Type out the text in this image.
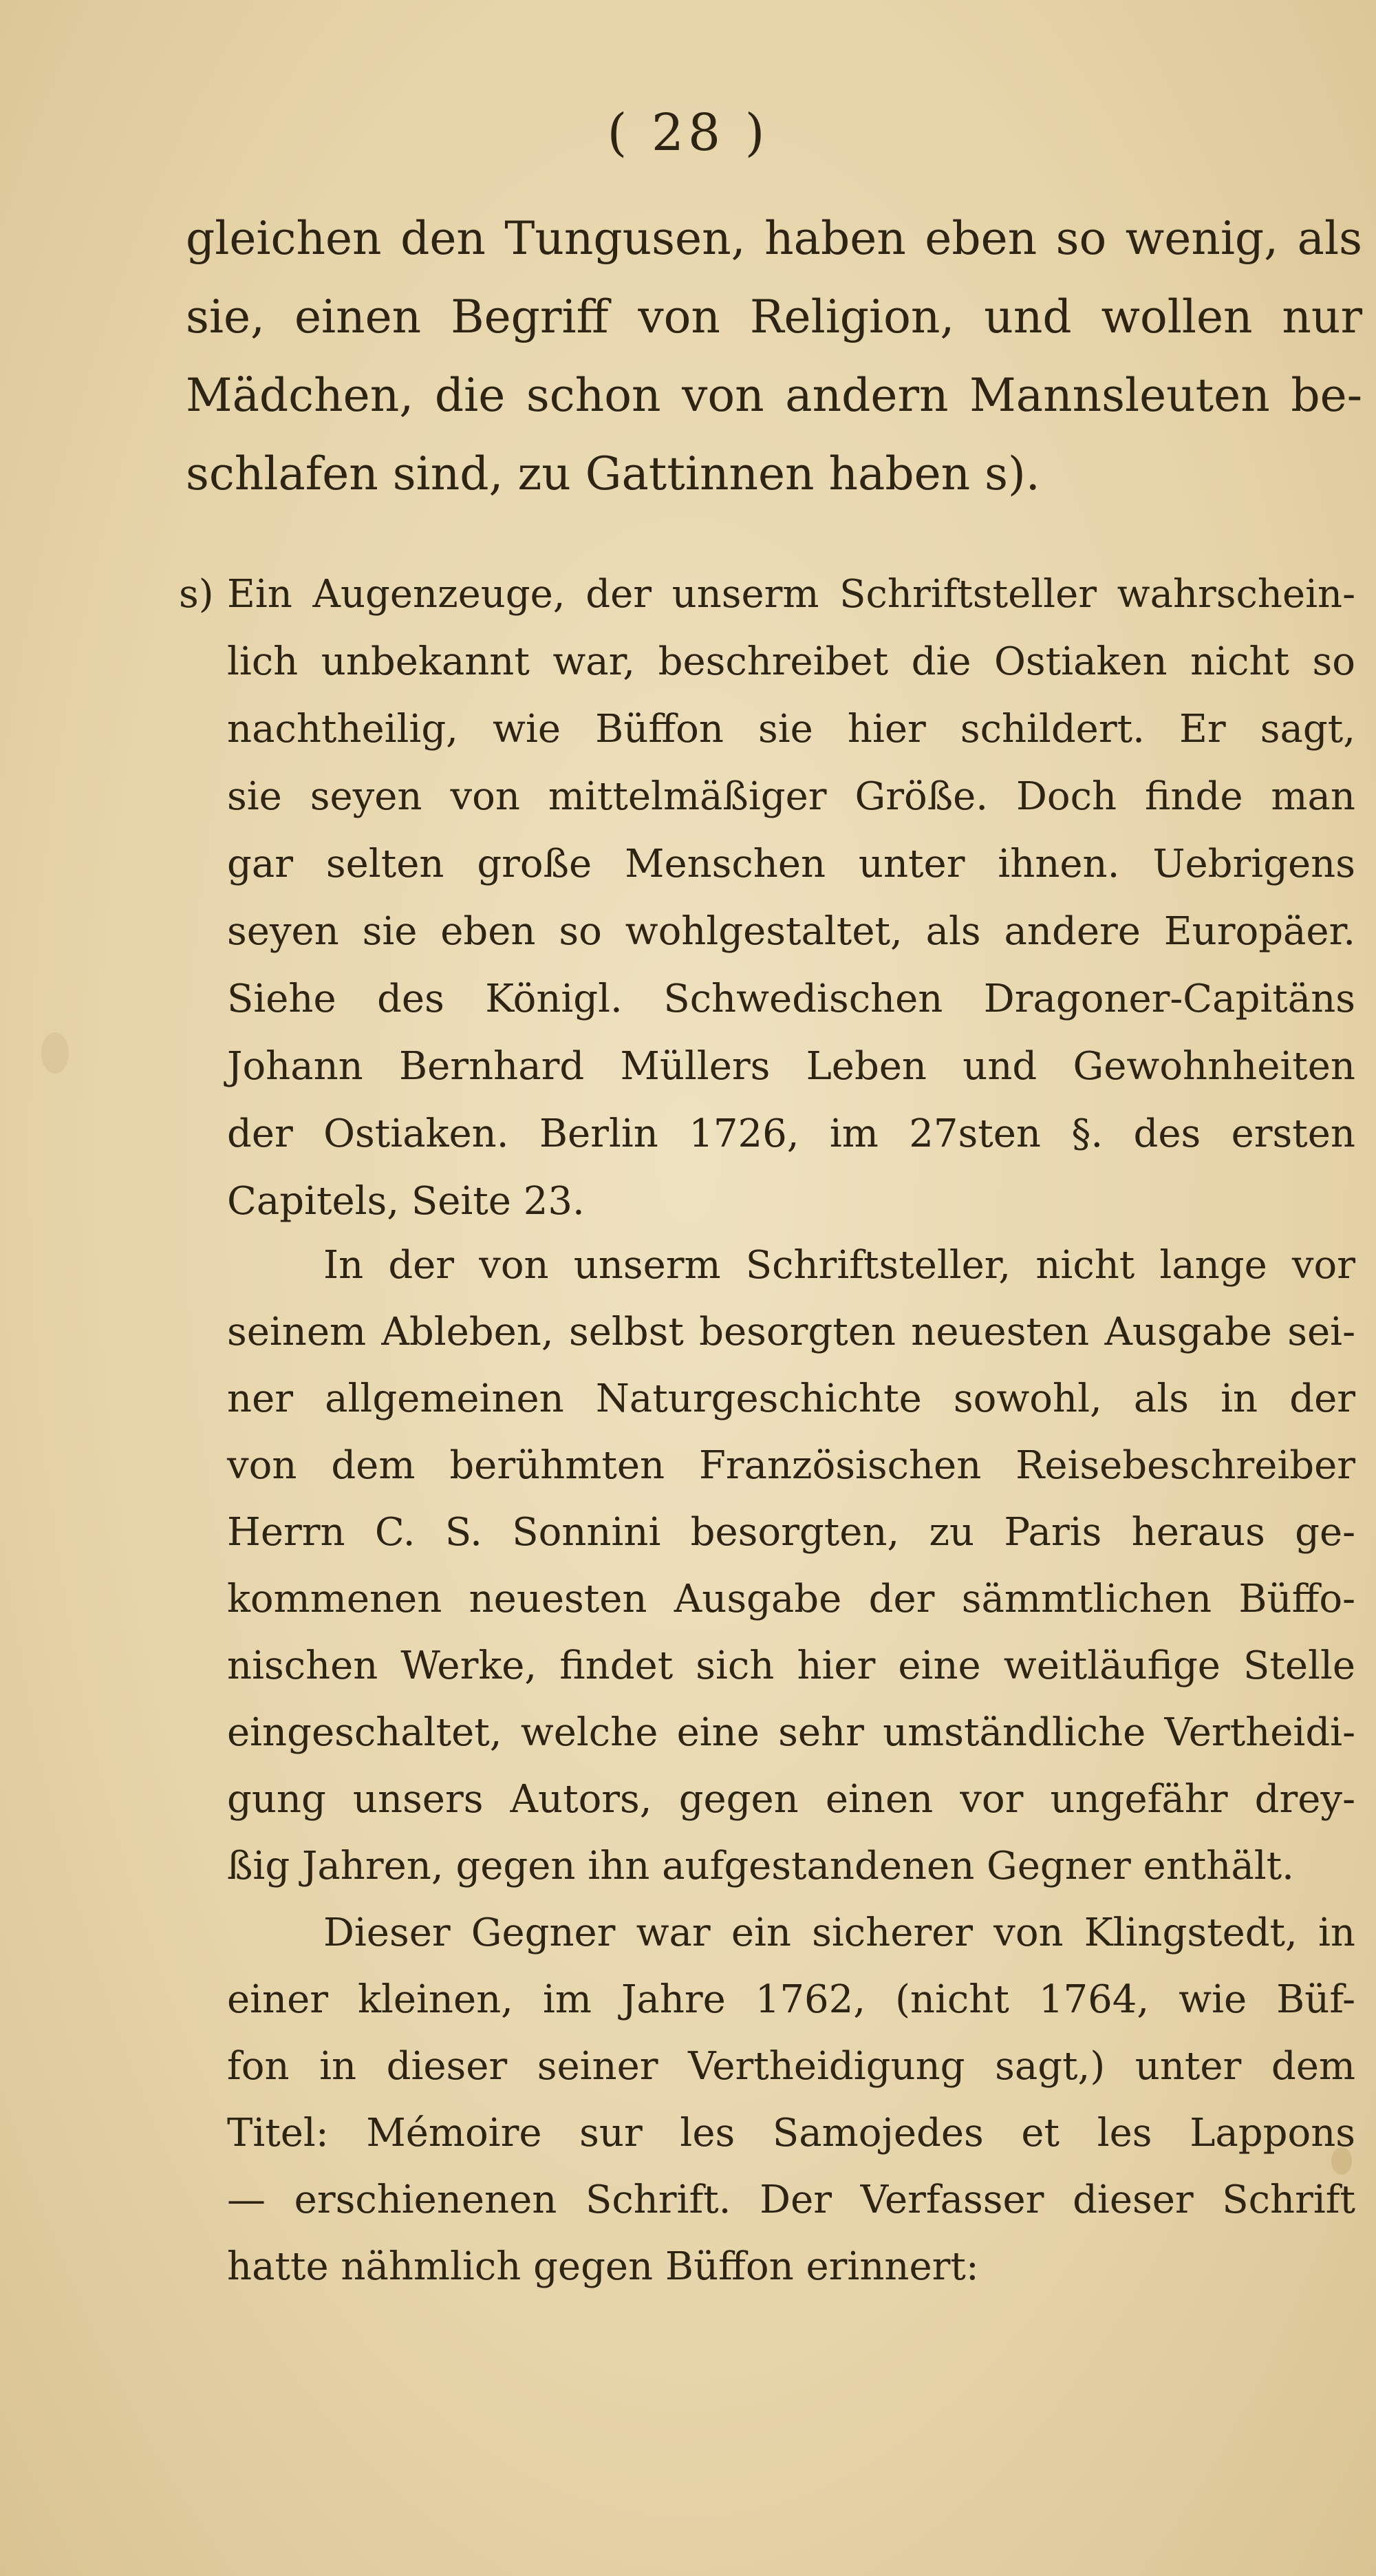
( 28 )
gleichen den Tungusen, haben eben so wenig, als
sie, einen Begriff von Religion, und wollen nur
Mädchen, die schon von andern Mannsleuten be-
schlafen sind, zu Gattinnen haben s).
s) Ein Augenzeuge, der unserm Schriftsteller wahrschein-
lich unbekannt war, beschreibet die Ostiaken nicht so
nachtheilig, wie Büffon sie hier schildert. Er sagt,
sie seyen von mittelmäßiger Größe. Doch finde man
gar selten große Menschen unter ihnen. Uebrigens
seyen sie eben so wohlgestaltet, als andere Europäer.
Siehe des Königl. Schwedischen Dragoner-Capitäns
Johann Bernhard Müllers Leben und Gewohnheiten
der Ostiaken. Berlin 1726, im 27sten §. des ersten
Capitels, Seite 23.
In der von unserm Schriftsteller, nicht lange vor
seinem Ableben, selbst besorgten neuesten Ausgabe sei-
ner allgemeinen Naturgeschichte sowohl, als in der
von dem berühmten Französischen Reisebeschreiber
Herrn C. S. Sonnini besorgten, zu Paris heraus ge-
kommenen neuesten Ausgabe der sämmtlichen Büffo-
nischen Werke, findet sich hier eine weitläufige Stelle
eingeschaltet, welche eine sehr umständliche Vertheidi-
gung unsers Autors, gegen einen vor ungefähr drey-
ßig Jahren, gegen ihn aufgestandenen Gegner enthält.
Dieser Gegner war ein sicherer von Klingstedt, in
einer kleinen, im Jahre 1762, (nicht 1764, wie Büf-
fon in dieser seiner Vertheidigung sagt,) unter dem
Titel: Mémoire sur les Samojedes et les Lappons
— erschienenen Schrift. Der Verfasser dieser Schrift
hatte nähmlich gegen Büffon erinnert:
